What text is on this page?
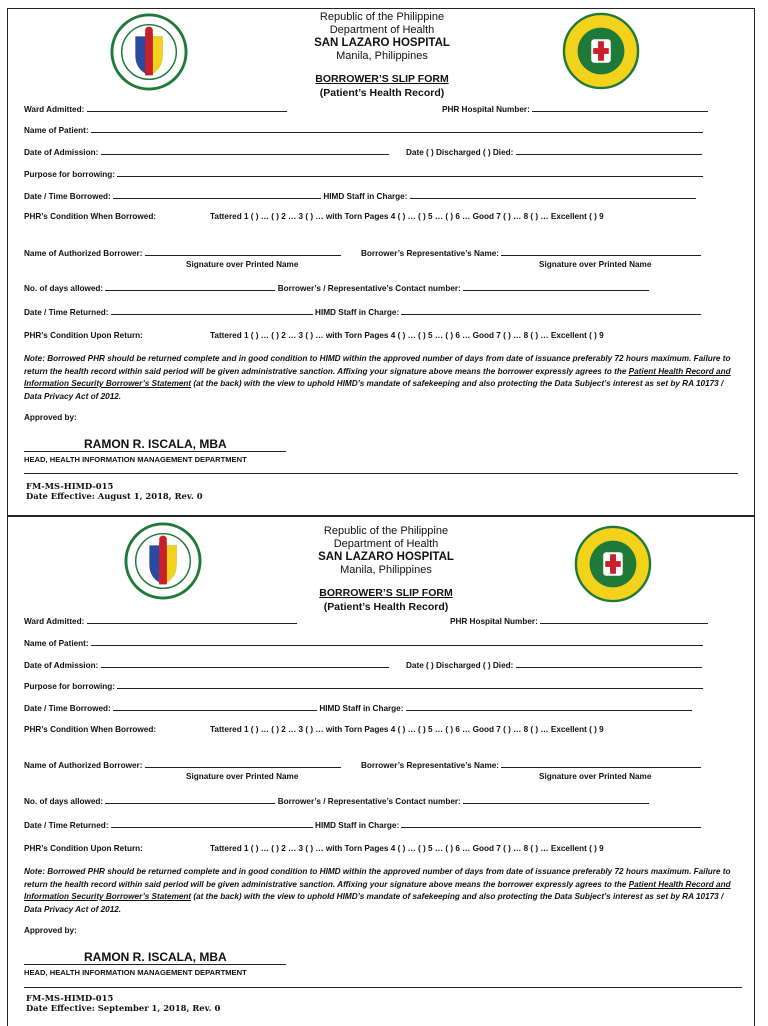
Republic of the Philippine
Department of Health
SAN LAZARO HOSPITAL
Manila, Philippines
BORROWER’S SLIP FORM
(Patient’s Health Record)
Ward Admitted:	PHR Hospital Number:
Name of Patient:
Date of Admission:	Date ( ) Discharged ( ) Died:
Purpose for borrowing:
Date / Time Borrowed:	HIMD Staff in Charge:
PHR’s Condition When Borrowed:	Tattered 1 ( ) … ( ) 2 … 3 ( ) … with Torn Pages 4 ( ) … ( ) 5 … ( ) 6 … Good 7 ( ) … 8 ( ) … Excellent ( ) 9
Name of Authorized Borrower:	Borrower’s Representative’s Name:
Signature over Printed Name	Signature over Printed Name
No. of days allowed:	Borrower’s / Representative’s Contact number:
Date / Time Returned:	HIMD Staff in Charge:
PHR’s Condition Upon Return:	Tattered 1 ( ) … ( ) 2 … 3 ( ) … with Torn Pages 4 ( ) … ( ) 5 … ( ) 6 … Good 7 ( ) … 8 ( ) … Excellent ( ) 9
Note: Borrowed PHR should be returned complete and in good condition to HIMD within the approved number of days from date of issuance preferably 72 hours maximum. Failure to return the health record within said period will be given administrative sanction. Affixing your signature above means the borrower expressly agrees to the Patient Health Record and Information Security Borrower’s Statement (at the back) with the view to uphold HIMD’s mandate of safekeeping and also protecting the Data Subject’s interest as set by RA 10173 / Data Privacy Act of 2012.
Approved by:
RAMON R. ISCALA, MBA
HEAD, HEALTH INFORMATION MANAGEMENT DEPARTMENT
FM-MS-HIMD-015
Date Effective: August 1, 2018, Rev. 0
Republic of the Philippine
Department of Health
SAN LAZARO HOSPITAL
Manila, Philippines
BORROWER’S SLIP FORM
(Patient’s Health Record)
Ward Admitted:	PHR Hospital Number:
Name of Patient:
Date of Admission:	Date ( ) Discharged ( ) Died:
Purpose for borrowing:
Date / Time Borrowed:	HIMD Staff in Charge:
PHR’s Condition When Borrowed:	Tattered 1 ( ) … ( ) 2 … 3 ( ) … with Torn Pages 4 ( ) … ( ) 5 … ( ) 6 … Good 7 ( ) … 8 ( ) … Excellent ( ) 9
Name of Authorized Borrower:	Borrower’s Representative’s Name:
Signature over Printed Name	Signature over Printed Name
No. of days allowed:	Borrower’s / Representative’s Contact number:
Date / Time Returned:	HIMD Staff in Charge:
PHR’s Condition Upon Return:	Tattered 1 ( ) … ( ) 2 … 3 ( ) … with Torn Pages 4 ( ) … ( ) 5 … ( ) 6 … Good 7 ( ) … 8 ( ) … Excellent ( ) 9
Note: Borrowed PHR should be returned complete and in good condition to HIMD within the approved number of days from date of issuance preferably 72 hours maximum. Failure to return the health record within said period will be given administrative sanction. Affixing your signature above means the borrower expressly agrees to the Patient Health Record and Information Security Borrower’s Statement (at the back) with the view to uphold HIMD’s mandate of safekeeping and also protecting the Data Subject’s interest as set by RA 10173 / Data Privacy Act of 2012.
Approved by:
RAMON R. ISCALA, MBA
HEAD, HEALTH INFORMATION MANAGEMENT DEPARTMENT
FM-MS-HIMD-015
Date Effective: September 1, 2018, Rev. 0
